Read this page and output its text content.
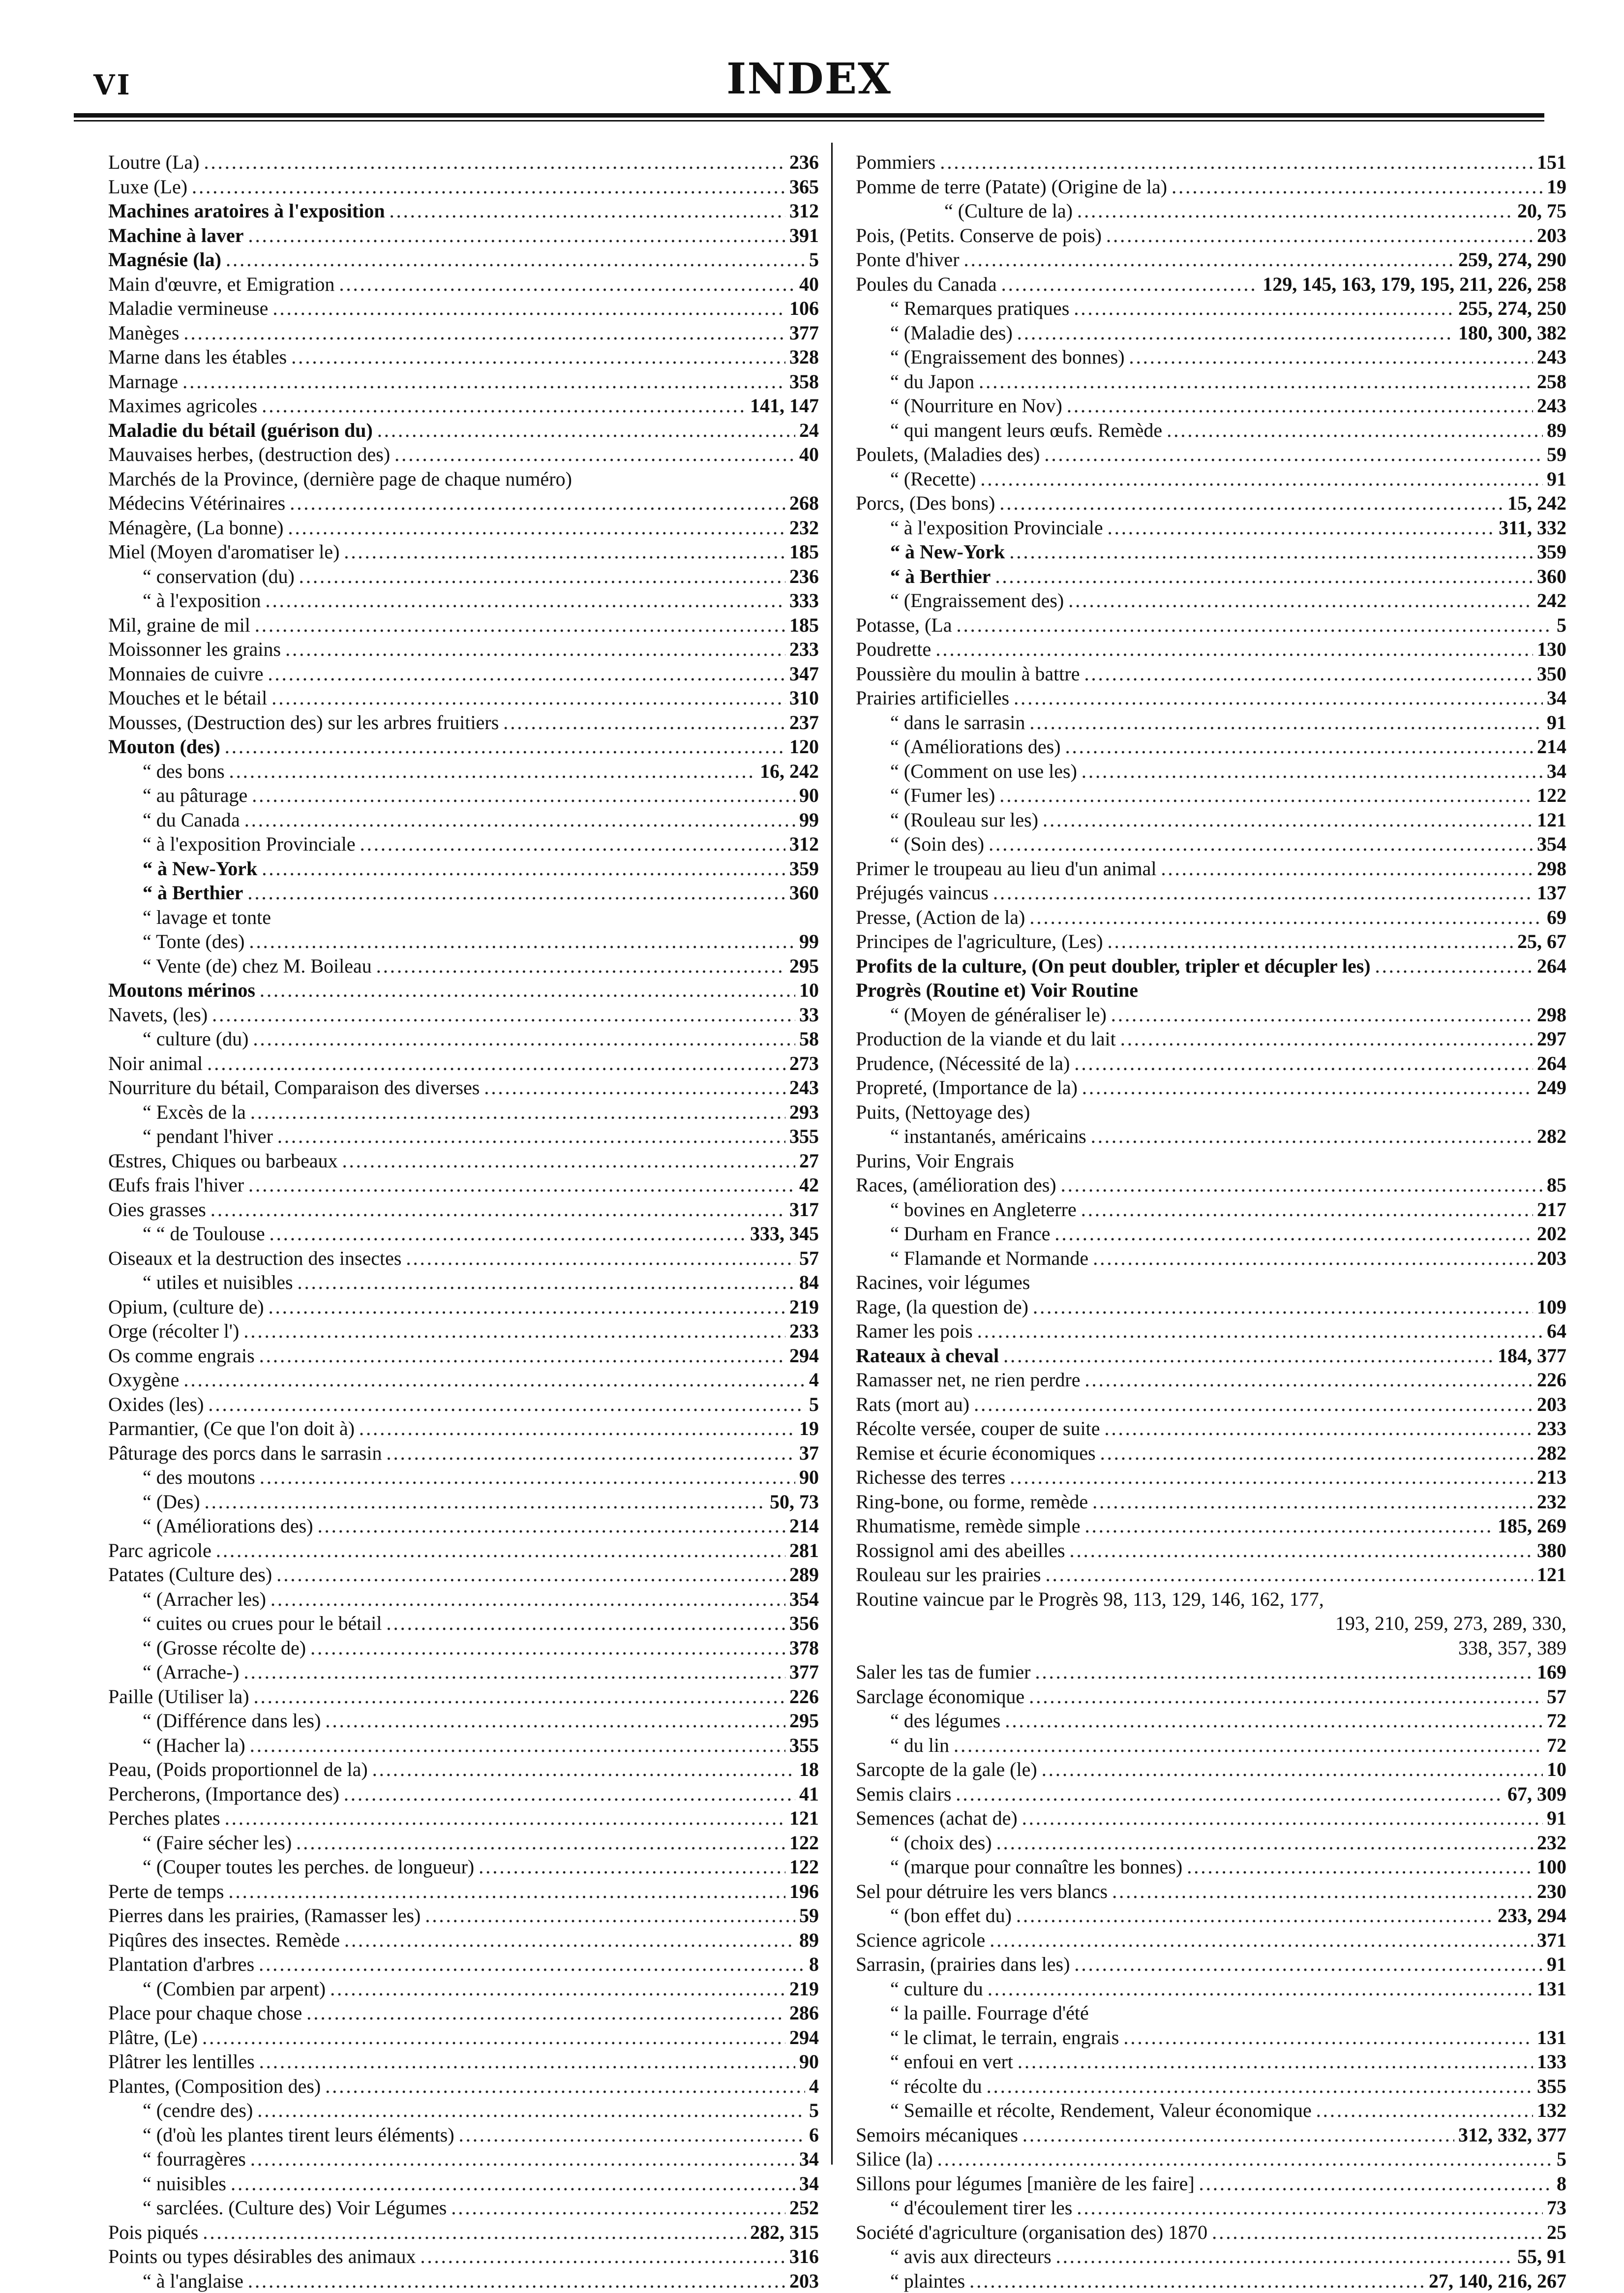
VI	INDEX
Loutre (La) .....	236
Luxe (Le) .....	365
Machines aratoires à l'exposition .....	312
Machine à laver .....	391
Magnésie (la) .....	5
Main d'œuvre, et Emigration .....	40
Maladie vermineuse .....	106
Manèges .....	377
Marne dans les étables .....	328
Marnage .....	358
Maximes agricoles .....	141, 147
Maladie du bétail (guérison du) .....	24
Mauvaises herbes, (destruction des) .....	40
Marchés de la Province, (dernière page de chaque numéro)
Médecins Vétérinaires .....	268
Ménagère, (La bonne) .....	232
Miel (Moyen d'aromatiser le) .....	185
“ conservation (du) .....	236
“ à l'exposition .....	333
Mil, graine de mil .....	185
Moissonner les grains .....	233
Monnaies de cuivre .....	347
Mouches et le bétail .....	310
Mousses, (Destruction des) sur les arbres fruitiers .....	237
Mouton (des) .....	120
“ des bons .....	16, 242
“ au pâturage .....	90
“ du Canada .....	99
“ à l'exposition Provinciale .....	312
“ à New-York .....	359
“ à Berthier .....	360
“ lavage et tonte
“ Tonte (des) .....	99
“ Vente (de) chez M. Boileau .....	295
Moutons mérinos .....	10
Navets, (les) .....	33
“ culture (du) .....	58
Noir animal .....	273
Nourriture du bétail, Comparaison des diverses .....	243
“ Excès de la .....	293
“ pendant l'hiver .....	355
Œstres, Chiques ou barbeaux .....	27
Œufs frais l'hiver .....	42
Oies grasses .....	317
“ “ de Toulouse .....	333, 345
Oiseaux et la destruction des insectes .....	57
“ utiles et nuisibles .....	84
Opium, (culture de) .....	219
Orge (récolter l') .....	233
Os comme engrais .....	294
Oxygène .....	4
Oxides (les) .....	5
Parmantier, (Ce que l'on doit à) .....	19
Pâturage des porcs dans le sarrasin .....	37
“ des moutons .....	90
“ (Des) .....	50, 73
“ (Améliorations des) .....	214
Parc agricole .....	281
Patates (Culture des) .....	289
“ (Arracher les) .....	354
“ cuites ou crues pour le bétail .....	356
“ (Grosse récolte de) .....	378
“ (Arrache-) .....	377
Paille (Utiliser la) .....	226
“ (Différence dans les) .....	295
“ (Hacher la) .....	355
Peau, (Poids proportionnel de la) .....	18
Percherons, (Importance des) .....	41
Perches plates .....	121
“ (Faire sécher les) .....	122
“ (Couper toutes les perches. de longueur) .....	122
Perte de temps .....	196
Pierres dans les prairies, (Ramasser les) .....	59
Piqûres des insectes. Remède .....	89
Plantation d'arbres .....	8
“ (Combien par arpent) .....	219
Place pour chaque chose .....	286
Plâtre, (Le) .....	294
Plâtrer les lentilles .....	90
Plantes, (Composition des) .....	4
“ (cendre des) .....	5
“ (d'où les plantes tirent leurs éléments) .....	6
“ fourragères .....	34
“ nuisibles .....	34
“ sarclées. (Culture des) Voir Légumes .....	252
Pois piqués .....	282, 315
Points ou types désirables des animaux .....	316
“ à l'anglaise .....	203
Pommiers .....	151
Pomme de terre (Patate) (Origine de la) .....	19
“ (Culture de la) .....	20, 75
Pois, (Petits. Conserve de pois) .....	203
Ponte d'hiver .....	259, 274, 290
Poules du Canada .....	129, 145, 163, 179, 195, 211, 226, 258
“ Remarques pratiques .....	255, 274, 250
“ (Maladie des) .....	180, 300, 382
“ (Engraissement des bonnes) .....	243
“ du Japon .....	258
“ (Nourriture en Nov) .....	243
“ qui mangent leurs œufs. Remède .....	89
Poulets, (Maladies des) .....	59
“ (Recette) .....	91
Porcs, (Des bons) .....	15, 242
“ à l'exposition Provinciale .....	311, 332
“ à New-York .....	359
“ à Berthier .....	360
“ (Engraissement des) .....	242
Potasse, (La .....	5
Poudrette .....	130
Poussière du moulin à battre .....	350
Prairies artificielles .....	34
“ dans le sarrasin .....	91
“ (Améliorations des) .....	214
“ (Comment on use les) .....	34
“ (Fumer les) .....	122
“ (Rouleau sur les) .....	121
“ (Soin des) .....	354
Primer le troupeau au lieu d'un animal .....	298
Préjugés vaincus .....	137
Presse, (Action de la) .....	69
Principes de l'agriculture, (Les) .....	25, 67
Profits de la culture, (On peut doubler, tripler et décupler les) .....	264
Progrès (Routine et) Voir Routine
“ (Moyen de généraliser le) .....	298
Production de la viande et du lait .....	297
Prudence, (Nécessité de la) .....	264
Propreté, (Importance de la) .....	249
Puits, (Nettoyage des)
“ instantanés, américains .....	282
Purins, Voir Engrais
Races, (amélioration des) .....	85
“ bovines en Angleterre .....	217
“ Durham en France .....	202
“ Flamande et Normande .....	203
Racines, voir légumes
Rage, (la question de) .....	109
Ramer les pois .....	64
Rateaux à cheval .....	184, 377
Ramasser net, ne rien perdre .....	226
Rats (mort au) .....	203
Récolte versée, couper de suite .....	233
Remise et écurie économiques .....	282
Richesse des terres .....	213
Ring-bone, ou forme, remède .....	232
Rhumatisme, remède simple .....	185, 269
Rossignol ami des abeilles .....	380
Rouleau sur les prairies .....	121
Routine vaincue par le Progrès 98, 113, 129, 146, 162, 177,
193, 210, 259, 273, 289, 330,
338, 357, 389
Saler les tas de fumier .....	169
Sarclage économique .....	57
“ des légumes .....	72
“ du lin .....	72
Sarcopte de la gale (le) .....	10
Semis clairs .....	67, 309
Semences (achat de) .....	91
“ (choix des) .....	232
“ (marque pour connaître les bonnes) .....	100
Sel pour détruire les vers blancs .....	230
“ (bon effet du) .....	233, 294
Science agricole .....	371
Sarrasin, (prairies dans les) .....	91
“ culture du .....	131
“ la paille. Fourrage d'été
“ le climat, le terrain, engrais .....	131
“ enfoui en vert .....	133
“ récolte du .....	355
“ Semaille et récolte, Rendement, Valeur économique .....	132
Semoirs mécaniques .....	312, 332, 377
Silice (la) .....	5
Sillons pour légumes [manière de les faire] .....	8
“ d'écoulement tirer les .....	73
Société d'agriculture (organisation des) 1870 .....	25
“ avis aux directeurs .....	55, 91
“ plaintes .....	27, 140, 216, 267
